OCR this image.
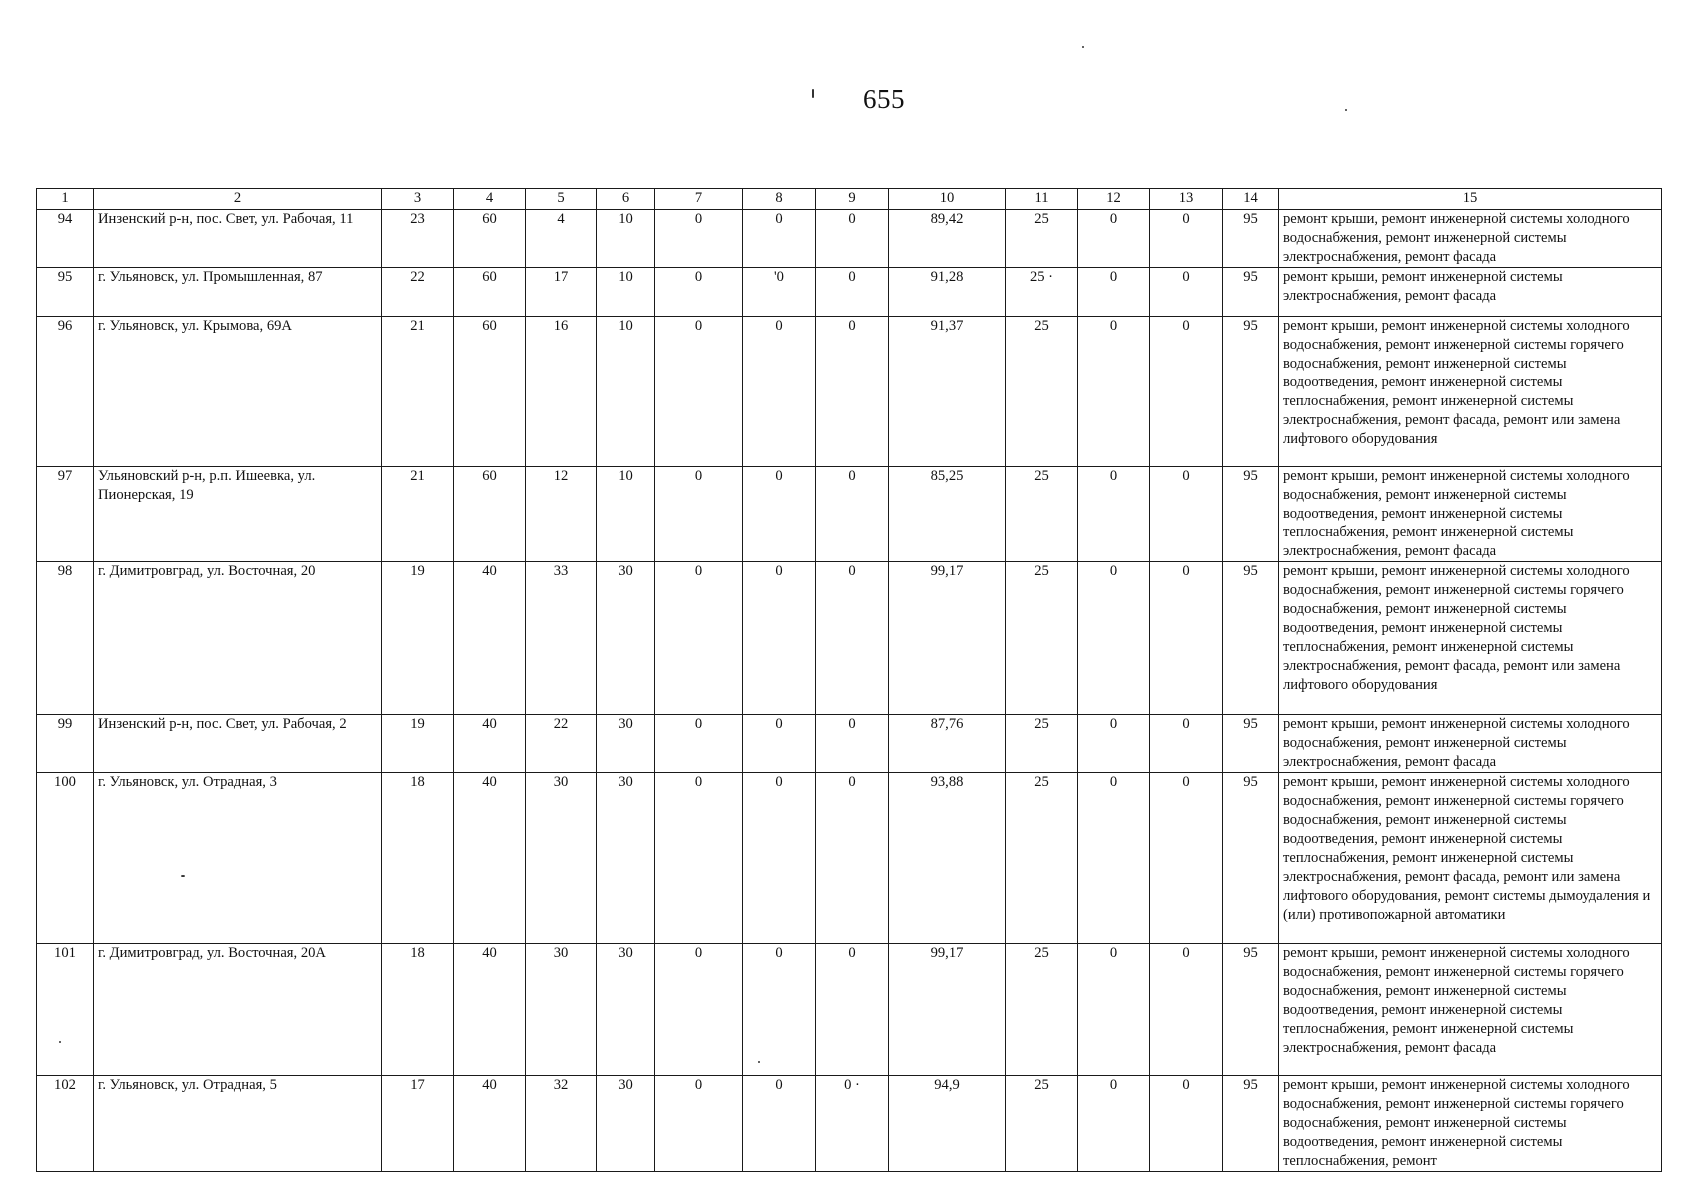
655
1	2	3	4	5	6	7	8	9	10	11	12	13	14	15
94	Инзенский р-н, пос. Свет, ул. Рабочая, 11	23	60	4	10	0	0	0	89,42	25	0	0	95	ремонт крыши, ремонт инженерной системы холодного водоснабжения, ремонт инженерной системы электроснабжения, ремонт фасада
95	г. Ульяновск, ул. Промышленная, 87	22	60	17	10	0	'0	0	91,28	25 ·	0	0	95	ремонт крыши, ремонт инженерной системы электроснабжения, ремонт фасада
96	г. Ульяновск, ул. Крымова, 69А	21	60	16	10	0	0	0	91,37	25	0	0	95	ремонт крыши, ремонт инженерной системы холодного водоснабжения, ремонт инженерной системы горячего водоснабжения, ремонт инженерной системы водоотведения, ремонт инженерной системы теплоснабжения, ремонт инженерной системы электроснабжения, ремонт фасада, ремонт или замена лифтового оборудования
97	Ульяновский р-н, р.п. Ишеевка, ул. Пионерская, 19	21	60	12	10	0	0	0	85,25	25	0	0	95	ремонт крыши, ремонт инженерной системы холодного водоснабжения, ремонт инженерной системы водоотведения, ремонт инженерной системы теплоснабжения, ремонт инженерной системы электроснабжения, ремонт фасада
98	г. Димитровград, ул. Восточная, 20	19	40	33	30	0	0	0	99,17	25	0	0	95	ремонт крыши, ремонт инженерной системы холодного водоснабжения, ремонт инженерной системы горячего водоснабжения, ремонт инженерной системы водоотведения, ремонт инженерной системы теплоснабжения, ремонт инженерной системы электроснабжения, ремонт фасада, ремонт или замена лифтового оборудования
99	Инзенский р-н, пос. Свет, ул. Рабочая, 2	19	40	22	30	0	0	0	87,76	25	0	0	95	ремонт крыши, ремонт инженерной системы холодного водоснабжения, ремонт инженерной системы электроснабжения, ремонт фасада
100	г. Ульяновск, ул. Отрадная, 3	18	40	30	30	0	0	0	93,88	25	0	0	95	ремонт крыши, ремонт инженерной системы холодного водоснабжения, ремонт инженерной системы горячего водоснабжения, ремонт инженерной системы водоотведения, ремонт инженерной системы теплоснабжения, ремонт инженерной системы электроснабжения, ремонт фасада, ремонт или замена лифтового оборудования, ремонт системы дымоудаления и (или) противопожарной автоматики
101	г. Димитровград, ул. Восточная, 20А	18	40	30	30	0	0	0	99,17	25	0	0	95	ремонт крыши, ремонт инженерной системы холодного водоснабжения, ремонт инженерной системы горячего водоснабжения, ремонт инженерной системы водоотведения, ремонт инженерной системы теплоснабжения, ремонт инженерной системы электроснабжения, ремонт фасада
102	г. Ульяновск, ул. Отрадная, 5	17	40	32	30	0	0	0 ·	94,9	25	0	0	95	ремонт крыши, ремонт инженерной системы холодного водоснабжения, ремонт инженерной системы горячего водоснабжения, ремонт инженерной системы водоотведения, ремонт инженерной системы теплоснабжения, ремонт
